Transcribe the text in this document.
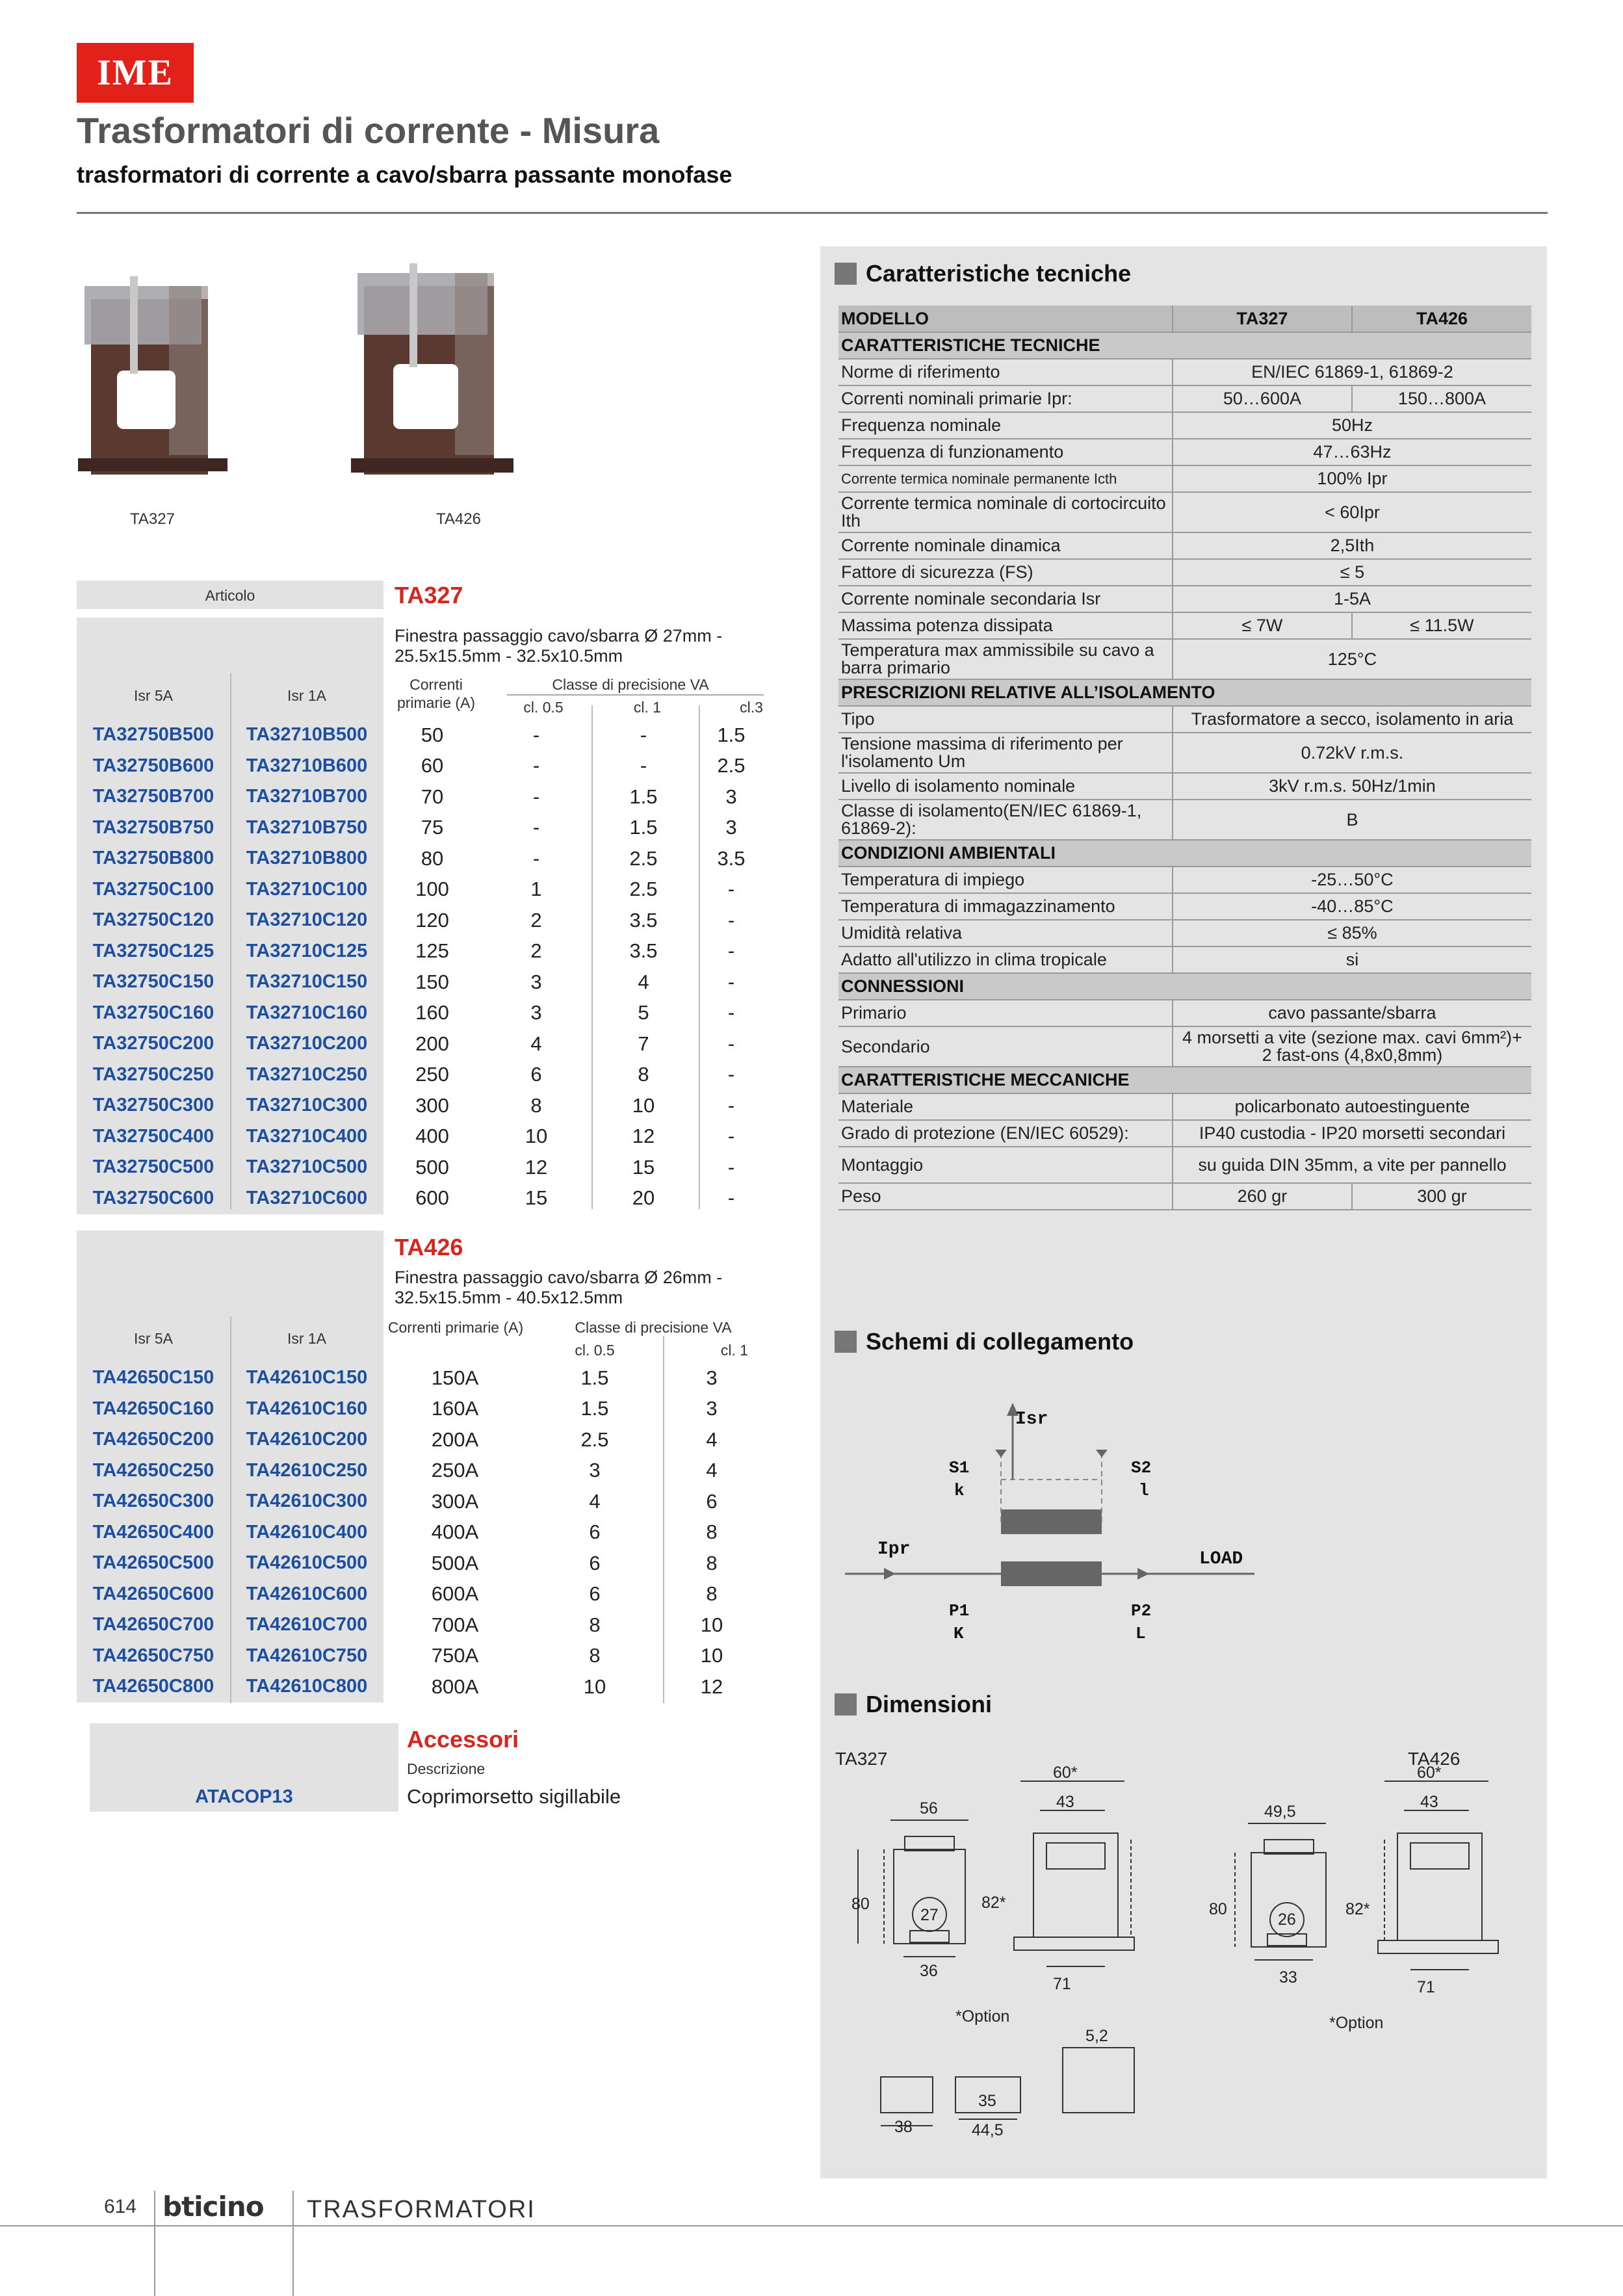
IME
Trasformatori di corrente - Misura
trasformatori di corrente a cavo/sbarra passante monofase
TA327	TA426
Articolo	TA327
Finestra passaggio cavo/sbarra Ø 27mm - 25.5x15.5mm - 32.5x10.5mm
Isr 5A	Isr 1A
Correnti primarie (A)
Classe di precisione VA
cl. 0.5	cl. 1	cl.3
TA32750B500	TA32710B500	50	-	-	1.5
TA32750B600	TA32710B600	60	-	-	2.5
TA32750B700	TA32710B700	70	-	1.5	3
TA32750B750	TA32710B750	75	-	1.5	3
TA32750B800	TA32710B800	80	-	2.5	3.5
TA32750C100	TA32710C100	100	1	2.5	-
TA32750C120	TA32710C120	120	2	3.5	-
TA32750C125	TA32710C125	125	2	3.5	-
TA32750C150	TA32710C150	150	3	4	-
TA32750C160	TA32710C160	160	3	5	-
TA32750C200	TA32710C200	200	4	7	-
TA32750C250	TA32710C250	250	6	8	-
TA32750C300	TA32710C300	300	8	10	-
TA32750C400	TA32710C400	400	10	12	-
TA32750C500	TA32710C500	500	12	15	-
TA32750C600	TA32710C600	600	15	20	-
TA426
Finestra passaggio cavo/sbarra Ø 26mm - 32.5x15.5mm - 40.5x12.5mm
Isr 5A	Isr 1A
Correnti primarie (A)	Classe di precisione VA
cl. 0.5	cl. 1
TA42650C150	TA42610C150	150A	1.5	3
TA42650C160	TA42610C160	160A	1.5	3
TA42650C200	TA42610C200	200A	2.5	4
TA42650C250	TA42610C250	250A	3	4
TA42650C300	TA42610C300	300A	4	6
TA42650C400	TA42610C400	400A	6	8
TA42650C500	TA42610C500	500A	6	8
TA42650C600	TA42610C600	600A	6	8
TA42650C700	TA42610C700	700A	8	10
TA42650C750	TA42610C750	750A	8	10
TA42650C800	TA42610C800	800A	10	12
Accessori
Descrizione
ATACOP13	Coprimorsetto sigillabile
Caratteristiche tecniche
MODELLO	TA327	TA426
CARATTERISTICHE TECNICHE		
Norme di riferimento	EN/IEC 61869-1, 61869-2	
Correnti nominali primarie Ipr:	50…600A	150…800A
Frequenza nominale	50Hz	
Frequenza di funzionamento	47…63Hz	
Corrente termica nominale permanente Icth	100% Ipr	
Corrente termica nominale di cortocircuito Ith	< 60Ipr	
Corrente nominale dinamica	2,5Ith	
Fattore di sicurezza (FS)	≤ 5	
Corrente nominale secondaria Isr	1-5A	
Massima potenza dissipata	≤ 7W	≤ 11.5W
Temperatura max ammissibile su cavo a barra primario	125°C	
PRESCRIZIONI RELATIVE ALL’ISOLAMENTO		
Tipo	Trasformatore a secco, isolamento in aria	
Tensione massima di riferimento per l'isolamento Um	0.72kV r.m.s.	
Livello di isolamento nominale	3kV r.m.s. 50Hz/1min	
Classe di isolamento(EN/IEC 61869-1, 61869-2):	B	
CONDIZIONI AMBIENTALI		
Temperatura di impiego	-25…50°C	
Temperatura di immagazzinamento	-40…85°C	
Umidità relativa	≤ 85%	
Adatto all'utilizzo in clima tropicale	si	
CONNESSIONI		
Primario	cavo passante/sbarra	
Secondario	4 morsetti a vite (sezione max. cavi 6mm²)+ 2 fast-ons (4,8x0,8mm)	
CARATTERISTICHE MECCANICHE		
Materiale	policarbonato autoestinguente	
Grado di protezione (EN/IEC 60529):	IP40 custodia - IP20 morsetti secondari	
Montaggio	su guida DIN 35mm, a vite per pannello	
Peso	260 gr	300 gr
Schemi di collegamento
Isr
S1
k
S2
l
Ipr	LOAD
P1
K
P2
L
Dimensioni
TA327	TA426
56
80
27
36
60*
43
82*
71
*Option
5,2
38
35
44,5
49,5
80
26
33
60*
43
82*
71
*Option
614 bticino TRASFORMATORI
